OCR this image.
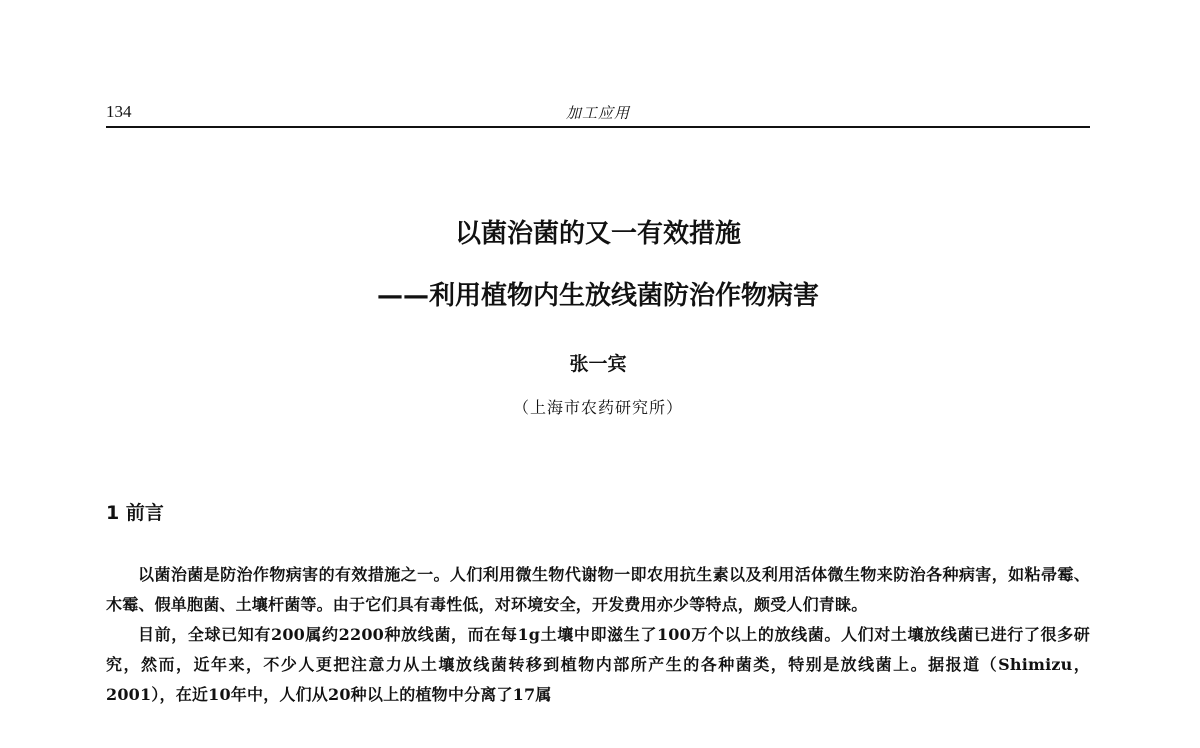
134	加工应用
以菌治菌的又一有效措施
——利用植物内生放线菌防治作物病害
张一宾
（上海市农药研究所）
1 前言

以菌治菌是防治作物病害的有效措施之一。人们利用微生物代谢物一即农用抗生素以及利用活体微生物来防治各种病害，如粘帚霉、木霉、假单胞菌、土壤杆菌等。由于它们具有毒性低，对环境安全，开发费用亦少等特点，颇受人们青睐。

目前，全球已知有200属约2200种放线菌，而在每1g土壤中即滋生了100万个以上的放线菌。人们对土壤放线菌已进行了很多研究，然而，近年来，不少人更把注意力从土壤放线菌转移到植物内部所产生的各种菌类，特别是放线菌上。据报道（Shimizu，2001），在近10年中，人们从20种以上的植物中分离了17属
